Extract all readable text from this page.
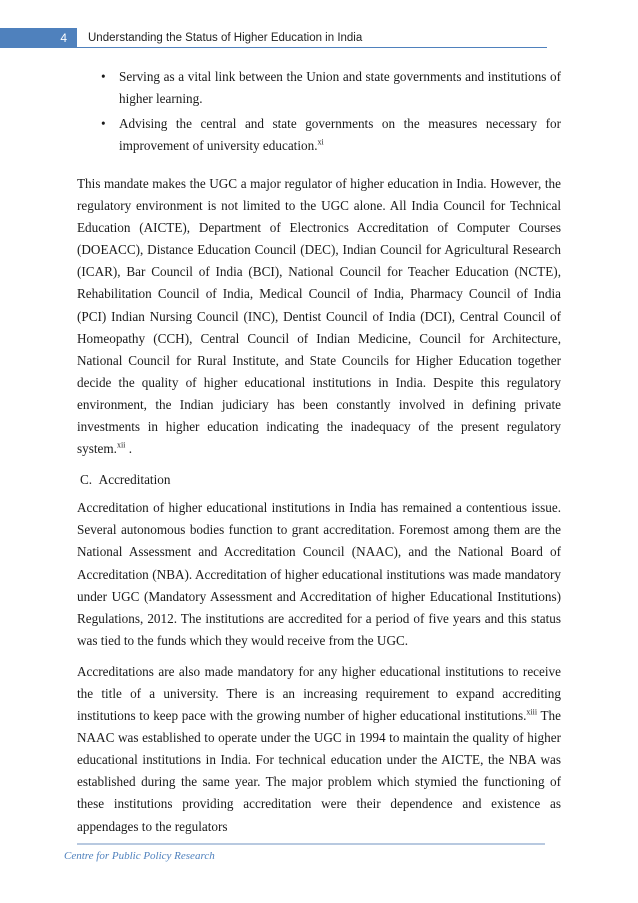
4	Understanding the Status of Higher Education in India
• Serving as a vital link between the Union and state governments and institutions of higher learning.
• Advising the central and state governments on the measures necessary for improvement of university education.$^{xi}$

This mandate makes the UGC a major regulator of higher education in India. However, the regulatory environment is not limited to the UGC alone. All India Council for Technical Education (AICTE), Department of Electronics Accreditation of Computer Courses (DOEACC), Distance Education Council (DEC), Indian Council for Agricultural Research (ICAR), Bar Council of India (BCI), National Council for Teacher Education (NCTE), Rehabilitation Council of India, Medical Council of India, Pharmacy Council of India (PCI) Indian Nursing Council (INC), Dentist Council of India (DCI), Central Council of Homeopathy (CCH), Central Council of Indian Medicine, Council for Architecture, National Council for Rural Institute, and State Councils for Higher Education together decide the quality of higher educational institutions in India. Despite this regulatory environment, the Indian judiciary has been constantly involved in defining private investments in higher education indicating the inadequacy of the present regulatory system.$^{xii}$ .

C.  Accreditation

Accreditation of higher educational institutions in India has remained a contentious issue. Several autonomous bodies function to grant accreditation. Foremost among them are the National Assessment and Accreditation Council (NAAC), and the National Board of Accreditation (NBA). Accreditation of higher educational institutions was made mandatory under UGC (Mandatory Assessment and Accreditation of higher Educational Institutions) Regulations, 2012. The institutions are accredited for a period of five years and this status was tied to the funds which they would receive from the UGC.

Accreditations are also made mandatory for any higher educational institutions to receive the title of a university. There is an increasing requirement to expand accrediting institutions to keep pace with the growing number of higher educational institutions.$^{xiii}$ The NAAC was established to operate under the UGC in 1994 to maintain the quality of higher educational institutions in India. For technical education under the AICTE, the NBA was established during the same year. The major problem which stymied the functioning of these institutions providing accreditation were their dependence and existence as appendages to the regulators

Centre for Public Policy Research
